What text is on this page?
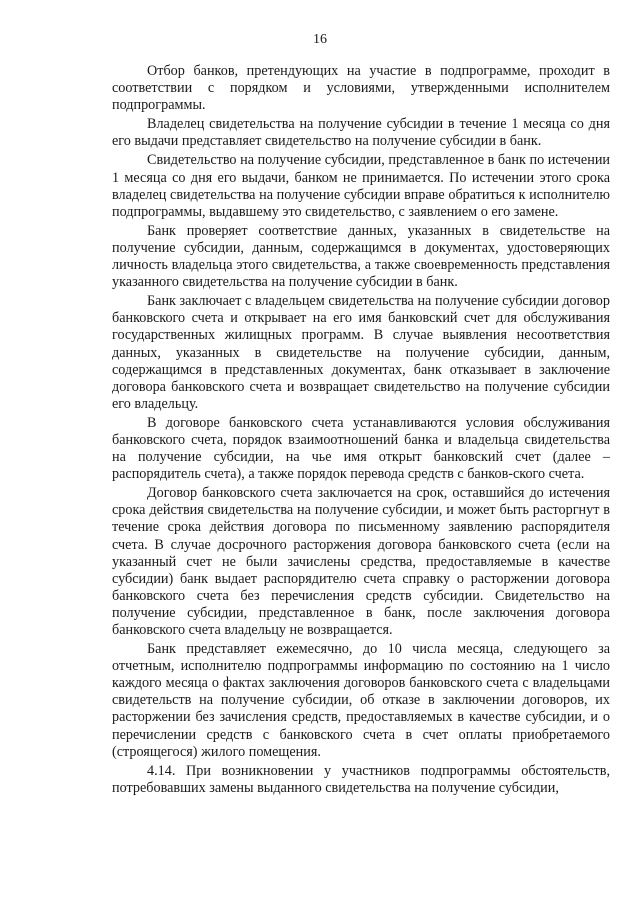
16

Отбор банков, претендующих на участие в подпрограмме, проходит в соответствии с порядком и условиями, утвержденными исполнителем подпрограммы.

Владелец свидетельства на получение субсидии в течение 1 месяца со дня его выдачи представляет свидетельство на получение субсидии в банк.

Свидетельство на получение субсидии, представленное в банк по истечении 1 месяца со дня его выдачи, банком не принимается. По истечении этого срока владелец свидетельства на получение субсидии вправе обратиться к исполнителю подпрограммы, выдавшему это свидетельство, с заявлением о его замене.

Банк проверяет соответствие данных, указанных в свидетельстве на получение субсидии, данным, содержащимся в документах, удостоверяющих личность владельца этого свидетельства, а также своевременность представления указанного свидетельства на получение субсидии в банк.

Банк заключает с владельцем свидетельства на получение субсидии договор банковского счета и открывает на его имя банковский счет для обслуживания государственных жилищных программ. В случае выявления несоответствия данных, указанных в свидетельстве на получение субсидии, данным, содержащимся в представленных документах, банк отказывает в заключение договора банковского счета и возвращает свидетельство на получение субсидии его владельцу.

В договоре банковского счета устанавливаются условия обслуживания банковского счета, порядок взаимоотношений банка и владельца свидетельства на получение субсидии, на чье имя открыт банковский счет (далее – распорядитель счета), а также порядок перевода средств с банков-ского счета.

Договор банковского счета заключается на срок, оставшийся до истечения срока действия свидетельства на получение субсидии, и может быть расторгнут в течение срока действия договора по письменному заявлению распорядителя счета. В случае досрочного расторжения договора банковского счета (если на указанный счет не были зачислены средства, предоставляемые в качестве субсидии) банк выдает распорядителю счета справку о расторжении договора банковского счета без перечисления средств субсидии. Свидетельство на получение субсидии, представленное в банк, после заключения договора банковского счета владельцу не возвращается.

Банк представляет ежемесячно, до 10 числа месяца, следующего за отчетным, исполнителю подпрограммы информацию по состоянию на 1 число каждого месяца о фактах заключения договоров банковского счета с владельцами свидетельств на получение субсидии, об отказе в заключении договоров, их расторжении без зачисления средств, предоставляемых в качестве субсидии, и о перечислении средств с банковского счета в счет оплаты приобретаемого (строящегося) жилого помещения.

4.14. При возникновении у участников подпрограммы обстоятельств, потребовавших замены выданного свидетельства на получение субсидии,
